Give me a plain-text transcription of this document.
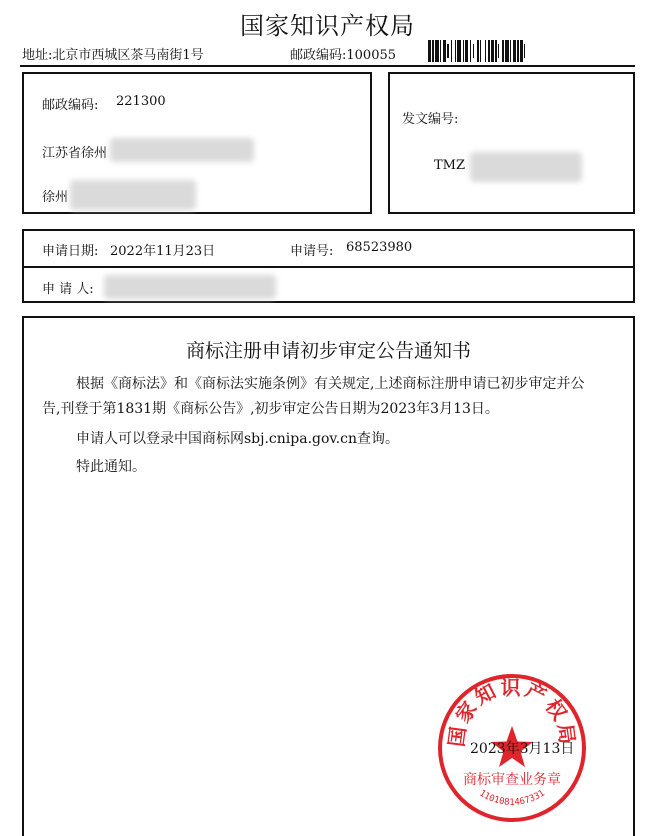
国家知识产权局
地址:北京市西城区茶马南街1号	邮政编码:100055
邮政编码: 221300
江苏省徐州
徐州
发文编号:
TMZ
申请日期: 2022年11月23日	申请号: 68523980
申 请 人:
商标注册申请初步审定公告通知书
根据《商标法》和《商标法实施条例》有关规定,上述商标注册申请已初步审定并公
告,刊登于第1831期《商标公告》,初步审定公告日期为2023年3月13日。
申请人可以登录中国商标网sbj.cnipa.gov.cn查询。
特此通知。
国家知识产权局
商标审查业务章
1101081467331
2023年3月13日
